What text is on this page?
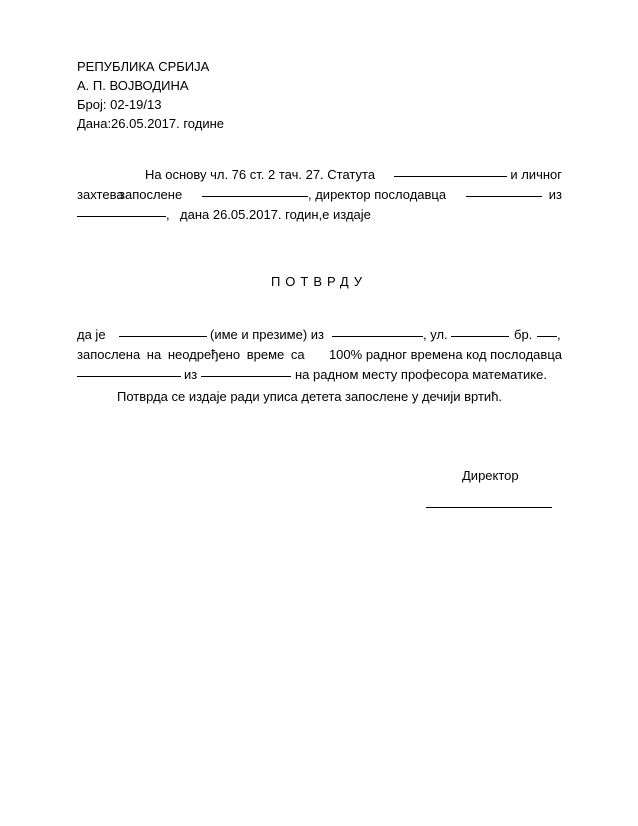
РЕПУБЛИКА СРБИЈА
А. П. ВОЈВОДИНА
Број: 02-19/13
Дана:26.05.2017. године
На основу чл. 76 ст. 2 тач. 27. Статута	и личног
захтева
запослене	, директор послодавца	из
, дана 26.05.2017. годин,е издаје
ПОТВРДУ
да је	(име и презиме) из	, ул.	бр. ,
запослена на неодређено време са 100% радног времена код послодавца
из	на радном месту професора математике.
Потврда се издаје ради уписа детета запослене у дечији вртић.
Директор
